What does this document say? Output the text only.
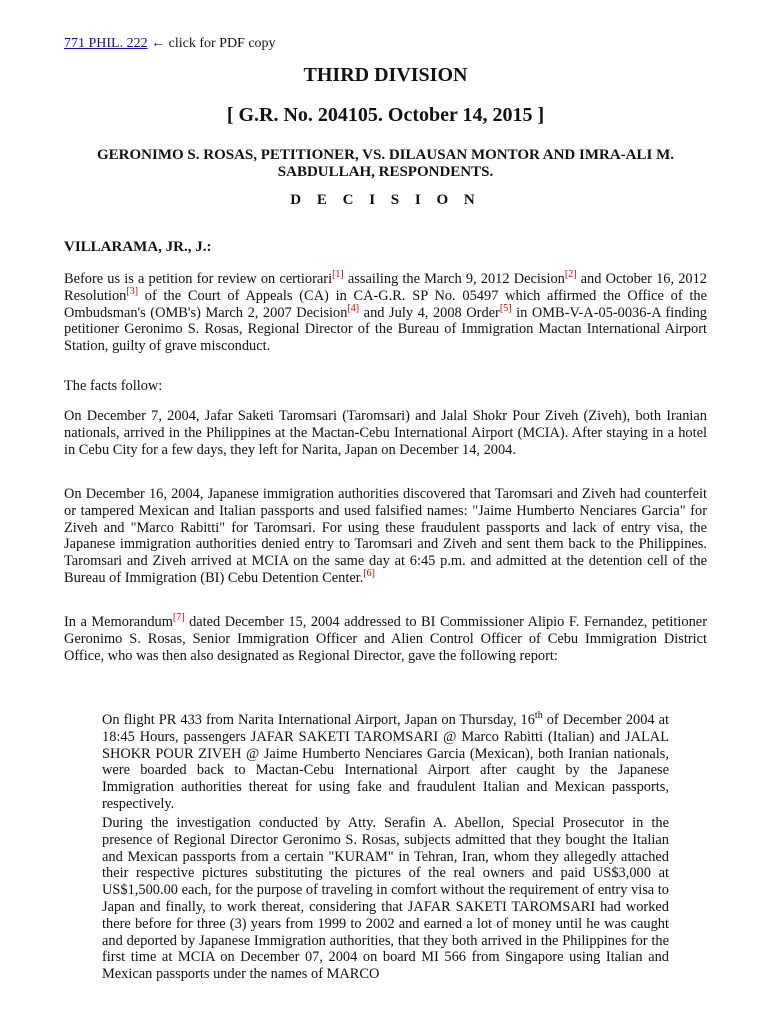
771 PHIL. 222 ← click for PDF copy
THIRD DIVISION
[ G.R. No. 204105. October 14, 2015 ]
GERONIMO S. ROSAS, PETITIONER, VS. DILAUSAN MONTOR AND IMRA-ALI M. SABDULLAH, RESPONDENTS.
D E C I S I O N
VILLARAMA, JR., J.:

Before us is a petition for review on certiorari[1] assailing the March 9, 2012 Decision[2] and October 16, 2012 Resolution[3] of the Court of Appeals (CA) in CA-G.R. SP No. 05497 which affirmed the Office of the Ombudsman's (OMB's) March 2, 2007 Decision[4] and July 4, 2008 Order[5] in OMB-V-A-05-0036-A finding petitioner Geronimo S. Rosas, Regional Director of the Bureau of Immigration Mactan International Airport Station, guilty of grave misconduct.

The facts follow:

On December 7, 2004, Jafar Saketi Taromsari (Taromsari) and Jalal Shokr Pour Ziveh (Ziveh), both Iranian nationals, arrived in the Philippines at the Mactan-Cebu International Airport (MCIA). After staying in a hotel in Cebu City for a few days, they left for Narita, Japan on December 14, 2004.

On December 16, 2004, Japanese immigration authorities discovered that Taromsari and Ziveh had counterfeit or tampered Mexican and Italian passports and used falsified names: "Jaime Humberto Nenciares Garcia" for Ziveh and "Marco Rabitti" for Taromsari. For using these fraudulent passports and lack of entry visa, the Japanese immigration authorities denied entry to Taromsari and Ziveh and sent them back to the Philippines. Taromsari and Ziveh arrived at MCIA on the same day at 6:45 p.m. and admitted at the detention cell of the Bureau of Immigration (BI) Cebu Detention Center.[6]

In a Memorandum[7] dated December 15, 2004 addressed to BI Commissioner Alipio F. Fernandez, petitioner Geronimo S. Rosas, Senior Immigration Officer and Alien Control Officer of Cebu Immigration District Office, who was then also designated as Regional Director, gave the following report:

On flight PR 433 from Narita International Airport, Japan on Thursday, 16th of December 2004 at 18:45 Hours, passengers JAFAR SAKETI TAROMSARI @ Marco Rabitti (Italian) and JALAL SHOKR POUR ZIVEH @ Jaime Humberto Nenciares Garcia (Mexican), both Iranian nationals, were boarded back to Mactan-Cebu International Airport after caught by the Japanese Immigration authorities thereat for using fake and fraudulent Italian and Mexican passports, respectively.

During the investigation conducted by Atty. Serafin A. Abellon, Special Prosecutor in the presence of Regional Director Geronimo S. Rosas, subjects admitted that they bought the Italian and Mexican passports from a certain "KURAM" in Tehran, Iran, whom they allegedly attached their respective pictures substituting the pictures of the real owners and paid US$3,000 at US$1,500.00 each, for the purpose of traveling in comfort without the requirement of entry visa to Japan and finally, to work thereat, considering that JAFAR SAKETI TAROMSARI had worked there before for three (3) years from 1999 to 2002 and earned a lot of money until he was caught and deported by Japanese Immigration authorities, that they both arrived in the Philippines for the first time at MCIA on December 07, 2004 on board MI 566 from Singapore using Italian and Mexican passports under the names of MARCO
